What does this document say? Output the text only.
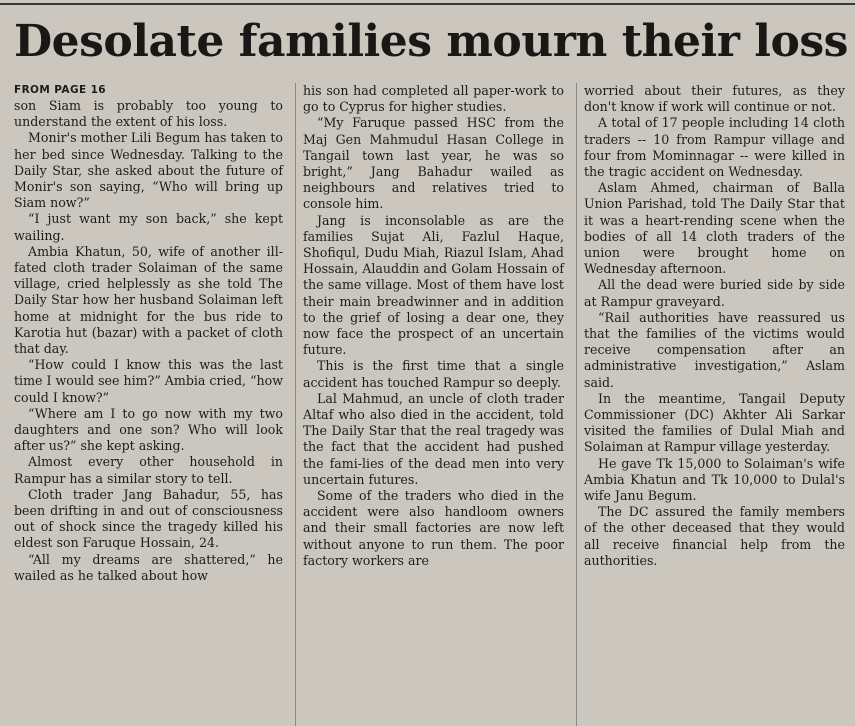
Desolate families mourn their loss

FROM PAGE 16

son Siam is probably too young to understand the extent of his loss.

Monir's mother Lili Begum has taken to her bed since Wednesday. Talking to the Daily Star, she asked about the future of Monir's son saying, “Who will bring up Siam now?”

“I just want my son back,” she kept wailing.

Ambia Khatun, 50, wife of another ill-fated cloth trader Solaiman of the same village, cried helplessly as she told The Daily Star how her husband Solaiman left home at midnight for the bus ride to Karotia hut (bazar) with a packet of cloth that day.

“How could I know this was the last time I would see him?” Ambia cried, “how could I know?”

“Where am I to go now with my two daughters and one son? Who will look after us?” she kept asking.

Almost every other household in Rampur has a similar story to tell.

Cloth trader Jang Bahadur, 55, has been drifting in and out of consciousness out of shock since the tragedy killed his eldest son Faruque Hossain, 24.

“All my dreams are shattered,” he wailed as he talked about how

his son had completed all paper-work to go to Cyprus for higher studies.

“My Faruque passed HSC from the Maj Gen Mahmudul Hasan College in Tangail town last year, he was so bright,” Jang Bahadur wailed as neighbours and relatives tried to console him.

Jang is inconsolable as are the families Sujat Ali, Fazlul Haque, Shofiqul, Dudu Miah, Riazul Islam, Ahad Hossain, Alauddin and Golam Hossain of the same village. Most of them have lost their main breadwinner and in addition to the grief of losing a dear one, they now face the prospect of an uncertain future.

This is the first time that a single accident has touched Rampur so deeply.

Lal Mahmud, an uncle of cloth trader Altaf who also died in the accident, told The Daily Star that the real tragedy was the fact that the accident had pushed the fami-lies of the dead men into very uncertain futures.

Some of the traders who died in the accident were also handloom owners and their small factories are now left without anyone to run them. The poor factory workers are

worried about their futures, as they don't know if work will continue or not.

A total of 17 people including 14 cloth traders -- 10 from Rampur village and four from Mominnagar -- were killed in the tragic accident on Wednesday.

Aslam Ahmed, chairman of Balla Union Parishad, told The Daily Star that it was a heart-rending scene when the bodies of all 14 cloth traders of the union were brought home on Wednesday afternoon.

All the dead were buried side by side at Rampur graveyard.

“Rail authorities have reassured us that the families of the victims would receive compensation after an administrative investigation,” Aslam said.

In the meantime, Tangail Deputy Commissioner (DC) Akhter Ali Sarkar visited the families of Dulal Miah and Solaiman at Rampur village yesterday.

He gave Tk 15,000 to Solaiman's wife Ambia Khatun and Tk 10,000 to Dulal's wife Janu Begum.

The DC assured the family members of the other deceased that they would all receive financial help from the authorities.
